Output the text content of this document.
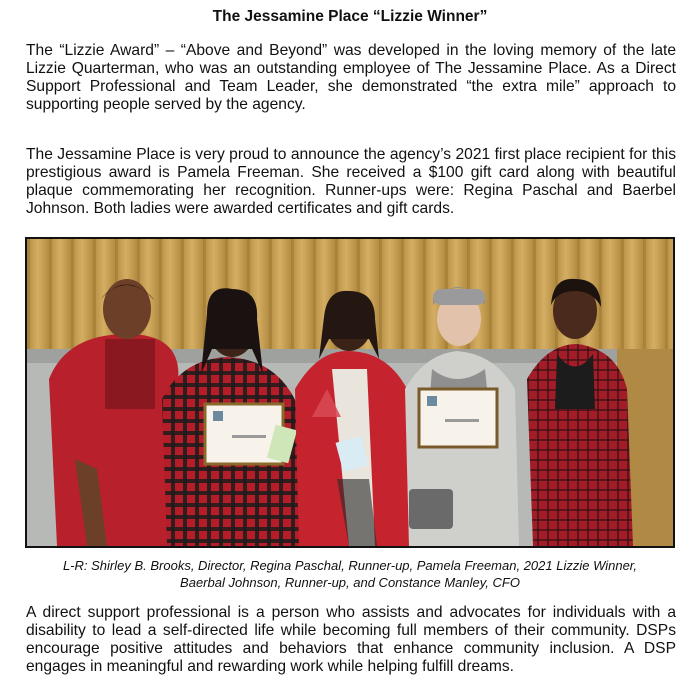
The Jessamine Place “Lizzie Winner”

The “Lizzie Award” – “Above and Beyond” was developed in the loving memory of the late Lizzie Quarterman, who was an outstanding employee of The Jessamine Place. As a Direct Support Professional and Team Leader, she demonstrated “the extra mile” approach to supporting people served by the agency.

The Jessamine Place is very proud to announce the agency’s 2021 first place recipient for this prestigious award is Pamela Freeman. She received a $100 gift card along with beautiful plaque commemorating her recognition. Runner-ups were: Regina Paschal and Baerbel Johnson. Both ladies were awarded certificates and gift cards.

L-R: Shirley B. Brooks, Director, Regina Paschal, Runner-up, Pamela Freeman, 2021 Lizzie Winner,
Baerbal Johnson, Runner-up, and Constance Manley, CFO

A direct support professional is a person who assists and advocates for individuals with a disability to lead a self-directed life while becoming full members of their community. DSPs encourage positive attitudes and behaviors that enhance community inclusion. A DSP engages in meaningful and rewarding work while helping fulfill dreams.
